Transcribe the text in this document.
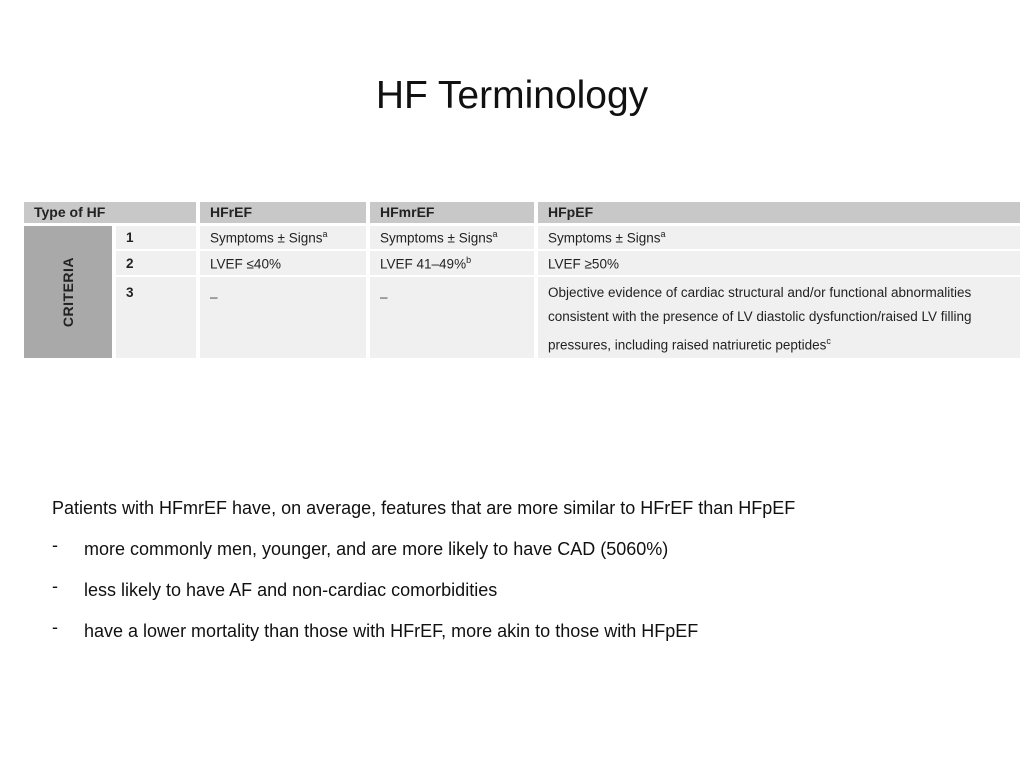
HF Terminology
Type of HF		HFrEF	HFmrEF	HFpEF
CRITERIA	1	Symptoms ± Signs$^a$	Symptoms ± Signs$^a$	Symptoms ± Signs$^a$
	2	LVEF ≤40%	LVEF 41–49%$^b$	LVEF ≥50%
	3	–	–	Objective evidence of cardiac structural and/or functional abnormalities consistent with the presence of LV diastolic dysfunction/raised LV filling pressures, including raised natriuretic peptides$^c$
Patients with HFmrEF have, on average, features that are more similar to HFrEF than HFpEF
- more commonly men, younger, and are more likely to have CAD (5060%)
- less likely to have AF and non-cardiac comorbidities
- have a lower mortality than those with HFrEF, more akin to those with HFpEF
